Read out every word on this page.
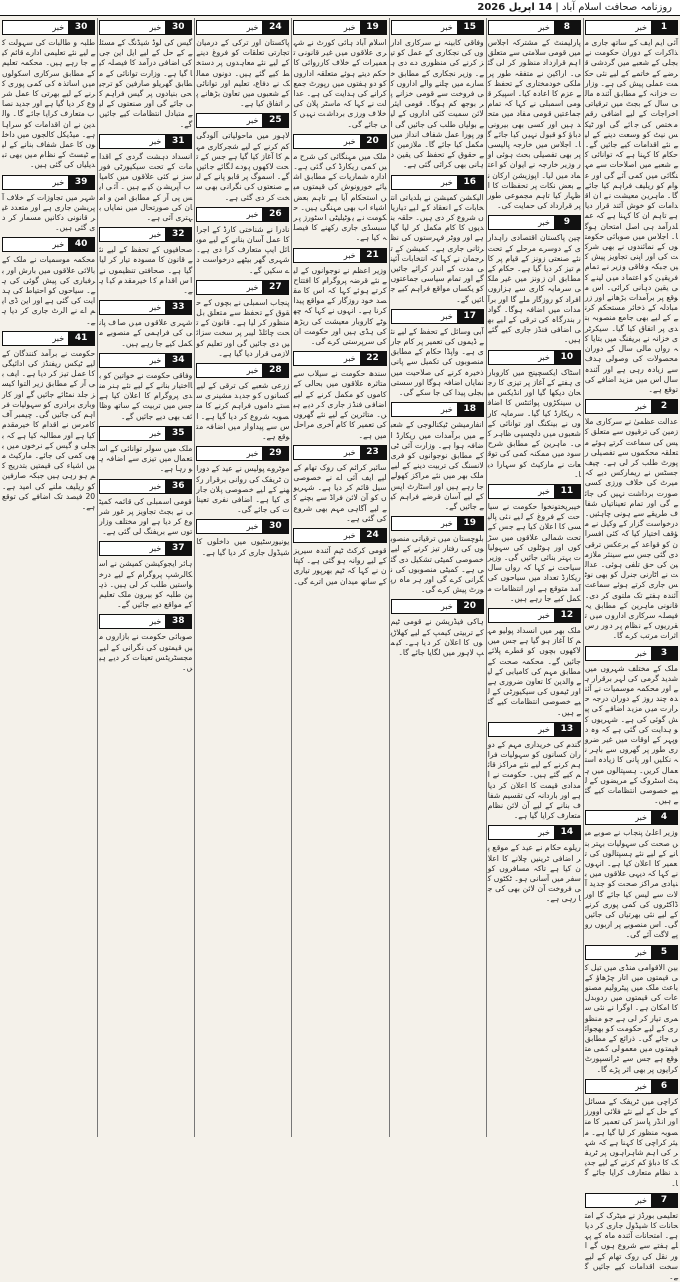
روزنامہ صحافت اسلام آباد | 14 اپریل 2026
1
خبر
آئی ایم ایف کے ساتھ جاری مذاکرات کے دوران حکومت نے بجلی کے شعبے میں گردشی قرضے کے خاتمے کے لیے نئی حکمت عملی پیش کی ہے۔ وزارت خزانہ کے مطابق آئندہ مالی سال کے بجٹ میں ترقیاتی اخراجات کے لیے اضافی رقم مختص کی جائے گی اور ٹیکس نیٹ کو وسعت دینے کے لیے نئے اقدامات کیے جائیں گے۔ حکام کا کہنا ہے کہ توانائی کے شعبے میں اصلاحات سے مہنگائی میں کمی آئے گی اور عوام کو ریلیف فراہم کیا جائے گا۔ ماہرین معیشت نے ان اقدامات کو خوش آئند قرار دیا ہے تاہم ان کا کہنا ہے کہ عملدرآمد ہی اصل امتحان ہوگا۔ اجلاس میں صوبائی حکومتوں کے نمائندوں نے بھی شرکت کی اور اپنی تجاویز پیش کیں جبکہ وفاقی وزیر نے تمام فریقین کو اعتماد میں لینے کی یقین دہانی کرائی۔ اس موقع پر برآمدات بڑھانے اور زرمبادلہ کے ذخائر مستحکم کرنے کے لیے بھی جامع منصوبہ بندی پر اتفاق کیا گیا۔ سیکرٹری خزانہ نے بریفنگ میں بتایا کہ رواں مالی سال کے دوران محصولات کی وصولی ہدف سے زیادہ رہی ہے اور آئندہ سال اس میں مزید اضافے کی توقع ہے۔
2
خبر
عدالت عظمیٰ نے سرکاری ملازمین کی ترقیوں سے متعلق کیس کی سماعت کرتے ہوئے متعلقہ محکموں سے تفصیلی رپورٹ طلب کر لی ہے۔ چیف جسٹس نے ریمارکس دیے کہ میرٹ کی خلاف ورزی کسی صورت برداشت نہیں کی جائے گی اور تمام تعیناتیاں شفاف طریقے سے ہونی چاہئیں۔ درخواست گزار کے وکیل نے مؤقف اختیار کیا کہ کئی افسران کو قواعد کے برعکس ترقی دی گئی جس سے سینئر ملازمین کی حق تلفی ہوئی۔ عدالت نے اٹارنی جنرل کو بھی نوٹس جاری کرتے ہوئے سماعت آئندہ ہفتے تک ملتوی کر دی۔ قانونی ماہرین کے مطابق یہ فیصلہ سرکاری اداروں میں تقرریوں کے نظام پر دور رس اثرات مرتب کرے گا۔
3
خبر
ملک کے مختلف شہروں میں شدید گرمی کی لہر برقرار ہے اور محکمہ موسمیات نے آئندہ چند روز کے دوران درجہ حرارت میں مزید اضافے کی پیش گوئی کی ہے۔ شہریوں کو ہدایت کی گئی ہے کہ وہ دوپہر کے اوقات میں غیر ضروری طور پر گھروں سے باہر نہ نکلیں اور پانی کا زیادہ استعمال کریں۔ ہسپتالوں میں ہیٹ اسٹروک کے مریضوں کے لیے خصوصی انتظامات کیے گئے ہیں۔
4
خبر
وزیر اعلیٰ پنجاب نے صوبے میں صحت کی سہولیات بہتر بنانے کے لیے نئے ہسپتالوں کی تعمیر کا اعلان کیا ہے۔ انہوں نے کہا کہ دیہی علاقوں میں بنیادی مراکز صحت کو جدید آلات سے لیس کیا جائے گا اور ڈاکٹروں کی کمی پوری کرنے کے لیے نئی بھرتیاں کی جائیں گی۔ اس منصوبے پر اربوں روپے لاگت آئے گی۔
5
خبر
بین الاقوامی منڈی میں تیل کی قیمتوں میں اتار چڑھاؤ کے باعث ملک میں پیٹرولیم مصنوعات کی قیمتوں میں ردوبدل کا امکان ہے۔ اوگرا نے نئی سمری تیار کر لی ہے جو منظوری کے لیے حکومت کو بھجوائی جائے گی۔ ذرائع کے مطابق قیمتوں میں معمولی کمی متوقع ہے جس سے ٹرانسپورٹ کرایوں پر بھی اثر پڑے گا۔
6
خبر
کراچی میں ٹریفک کے مسائل کے حل کے لیے نئے فلائی اوورز اور انڈر پاسز کی تعمیر کا منصوبہ منظور کر لیا گیا ہے۔ میئر کراچی کا کہنا ہے کہ شہر کی اہم شاہراہوں پر ٹریفک کا دباؤ کم کرنے کے لیے جدید نظام متعارف کرایا جائے گا۔
7
خبر
تعلیمی بورڈز نے میٹرک کے امتحانات کا شیڈول جاری کر دیا ہے۔ امتحانات آئندہ ماہ کے پہلے ہفتے سے شروع ہوں گے اور نقل کی روک تھام کے لیے سخت اقدامات کیے جائیں گے۔
8
خبر
پارلیمنٹ کے مشترکہ اجلاس میں قومی سلامتی سے متعلق اہم قرارداد منظور کر لی گئی۔ اراکین نے متفقہ طور پر ملکی خودمختاری کے تحفظ کے عزم کا اعادہ کیا۔ اسپیکر قومی اسمبلی نے کہا کہ تمام جماعتیں قومی مفاد میں متحد ہیں اور کسی بھی بیرونی دباؤ کو قبول نہیں کیا جائے گا۔ اجلاس میں خارجہ پالیسی پر بھی تفصیلی بحث ہوئی اور وزیر خارجہ نے ایوان کو اعتماد میں لیا۔ اپوزیشن ارکان نے بعض نکات پر تحفظات کا اظہار کیا تاہم مجموعی طور پر قرارداد کی حمایت کی۔
9
خبر
چین پاکستان اقتصادی راہداری کے دوسرے مرحلے کے تحت نئے صنعتی زونز کے قیام پر کام تیز کر دیا گیا ہے۔ حکام کے مطابق ان زونز میں غیر ملکی سرمایہ کاری سے ہزاروں افراد کو روزگار ملے گا اور برآمدات میں اضافہ ہوگا۔ گوادر بندرگاہ کی ترقی کے لیے بھی اضافی فنڈز جاری کیے گئے ہیں۔
10
خبر
اسٹاک ایکسچینج میں کاروباری ہفتے کے آغاز پر تیزی کا رجحان دیکھا گیا اور انڈیکس میں سینکڑوں پوائنٹس کا اضافہ ریکارڈ کیا گیا۔ سرمایہ کاروں نے بینکنگ اور توانائی کے شعبوں میں دلچسپی ظاہر کی۔ ماہرین کے مطابق شرح سود میں ممکنہ کمی کی توقعات نے مارکیٹ کو سہارا دیا۔
11
خبر
خیبرپختونخوا حکومت نے سیاحت کے فروغ کے لیے نئی پالیسی کا اعلان کیا ہے جس کے تحت شمالی علاقوں میں سڑکوں اور ہوٹلوں کی سہولیات بہتر بنائی جائیں گی۔ وزیر سیاحت نے کہا کہ رواں سال ریکارڈ تعداد میں سیاحوں کی آمد متوقع ہے اور انتظامات مکمل کیے جا رہے ہیں۔
12
خبر
ملک بھر میں انسداد پولیو مہم کا آغاز ہو گیا ہے جس میں لاکھوں بچوں کو قطرے پلائے جائیں گے۔ محکمہ صحت کے مطابق مہم کی کامیابی کے لیے والدین کا تعاون ضروری ہے اور ٹیموں کی سیکیورٹی کے لیے خصوصی انتظامات کیے گئے ہیں۔
13
خبر
گندم کی خریداری مہم کے دوران کسانوں کو سہولیات فراہم کرنے کے لیے نئے مراکز قائم کیے گئے ہیں۔ حکومت نے امدادی قیمت کا اعلان کر دیا ہے اور باردانہ کی تقسیم شفاف بنانے کے لیے آن لائن نظام متعارف کرایا گیا ہے۔
14
خبر
ریلوے حکام نے عید کے موقع پر اضافی ٹرینیں چلانے کا اعلان کیا ہے تاکہ مسافروں کو سفر میں آسانی ہو۔ ٹکٹوں کی فروخت آن لائن بھی کی جا رہی ہے۔
15
خبر
وفاقی کابینہ نے سرکاری اداروں کی نجکاری کے عمل کو تیز کرنے کی منظوری دے دی ہے۔ وزیر نجکاری کے مطابق خسارے میں چلنے والے اداروں کی فروخت سے قومی خزانے پر بوجھ کم ہوگا۔ قومی ایئر لائن سمیت کئی اداروں کے لیے بولیاں طلب کی جائیں گی اور پورا عمل شفاف انداز میں مکمل کیا جائے گا۔ ملازمین کے حقوق کے تحفظ کی یقین دہانی بھی کرائی گئی ہے۔
16
خبر
الیکشن کمیشن نے بلدیاتی انتخابات کے انعقاد کے لیے تیاریاں شروع کر دی ہیں۔ حلقہ بندیوں کا کام مکمل کر لیا گیا ہے اور ووٹر فہرستوں کی نظرثانی جاری ہے۔ کمیشن کے ترجمان نے کہا کہ انتخابات آئینی مدت کے اندر کرائے جائیں گے اور تمام سیاسی جماعتوں کو یکساں مواقع فراہم کیے جائیں گے۔
17
خبر
آبی وسائل کے تحفظ کے لیے نئے ڈیموں کی تعمیر پر کام جاری ہے۔ واپڈا حکام کے مطابق منصوبوں کی تکمیل سے پانی ذخیرہ کرنے کی صلاحیت میں نمایاں اضافہ ہوگا اور سستی بجلی پیدا کی جا سکے گی۔
18
خبر
انفارمیشن ٹیکنالوجی کے شعبے میں برآمدات میں ریکارڈ اضافہ ہوا ہے۔ وزارت آئی ٹی کے مطابق نوجوانوں کو فری لانسنگ کی تربیت دینے کے لیے ملک بھر میں نئے مراکز کھولے جا رہے ہیں اور اسٹارٹ اپس کے لیے آسان قرضے فراہم کیے جائیں گے۔
19
خبر
بلوچستان میں ترقیاتی منصوبوں کی رفتار تیز کرنے کے لیے خصوصی کمیٹی تشکیل دی گئی ہے۔ کمیٹی منصوبوں کی نگرانی کرے گی اور ہر ماہ رپورٹ پیش کرے گی۔
20
خبر
ہاکی فیڈریشن نے قومی ٹیم کے تربیتی کیمپ کے لیے کھلاڑیوں کا اعلان کر دیا ہے۔ کیمپ لاہور میں لگایا جائے گا۔
19
خبر
اسلام آباد ہائی کورٹ نے شہری علاقوں میں غیر قانونی تعمیرات کے خلاف کارروائی کا حکم دیتے ہوئے متعلقہ اداروں کو دو ہفتوں میں رپورٹ جمع کرانے کی ہدایت کی ہے۔ عدالت نے کہا کہ ماسٹر پلان کی خلاف ورزی برداشت نہیں کی جائے گی۔
20
خبر
ملک میں مہنگائی کی شرح میں کمی ریکارڈ کی گئی ہے۔ ادارہ شماریات کے مطابق اشیائے خورونوش کی قیمتوں میں استحکام آیا ہے تاہم بعض اشیاء اب بھی مہنگی ہیں۔ حکومت نے یوٹیلیٹی اسٹورز پر سبسڈی جاری رکھنے کا فیصلہ کیا ہے۔
21
خبر
وزیر اعظم نے نوجوانوں کے لیے نئے قرضہ پروگرام کا افتتاح کرتے ہوئے کہا کہ اس کا مقصد خود روزگار کے مواقع پیدا کرنا ہے۔ انہوں نے کہا کہ چھوٹے کاروبار معیشت کی ریڑھ کی ہڈی ہیں اور حکومت ان کی سرپرستی کرے گی۔
22
خبر
سندھ حکومت نے سیلاب سے متاثرہ علاقوں میں بحالی کے کاموں کو مکمل کرنے کے لیے اضافی فنڈز جاری کر دیے ہیں۔ متاثرین کے لیے نئے گھروں کی تعمیر کا کام آخری مراحل میں ہے۔
23
خبر
سائبر کرائم کی روک تھام کے لیے ایف آئی اے نے خصوصی سیل قائم کر دیا ہے۔ شہریوں کو آن لائن فراڈ سے بچنے کے لیے آگاہی مہم بھی شروع کی گئی ہے۔
24
خبر
قومی کرکٹ ٹیم آئندہ سیریز کے لیے روانہ ہو گئی ہے۔ کپتان نے کہا کہ ٹیم بھرپور تیاری کے ساتھ میدان میں اترے گی۔
24
خبر
پاکستان اور ترکی کے درمیان تجارتی تعلقات کو فروغ دینے کے لیے نئے معاہدوں پر دستخط کیے گئے ہیں۔ دونوں ممالک نے دفاع، تعلیم اور توانائی کے شعبوں میں تعاون بڑھانے پر اتفاق کیا ہے۔
25
خبر
لاہور میں ماحولیاتی آلودگی کم کرنے کے لیے شجرکاری مہم کا آغاز کیا گیا ہے جس کے تحت لاکھوں پودے لگائے جائیں گے۔ اسموگ پر قابو پانے کے لیے صنعتوں کی نگرانی بھی سخت کر دی گئی ہے۔
26
خبر
نادرا نے شناختی کارڈ کے اجرا کا عمل آسان بنانے کے لیے موبائل ایپ متعارف کرا دی ہے۔ شہری گھر بیٹھے درخواست دے سکیں گے۔
27
خبر
پنجاب اسمبلی نے بچوں کے حقوق کے تحفظ سے متعلق بل منظور کر لیا ہے۔ قانون کے تحت چائلڈ لیبر پر سخت سزائیں دی جائیں گی اور تعلیم کو لازمی قرار دیا گیا ہے۔
28
خبر
زرعی شعبے کی ترقی کے لیے کسانوں کو جدید مشینری سستے داموں فراہم کرنے کا منصوبہ شروع کر دیا گیا ہے۔ اس سے پیداوار میں اضافہ متوقع ہے۔
29
خبر
موٹروے پولیس نے عید کے دوران ٹریفک کی روانی برقرار رکھنے کے لیے خصوصی پلان جاری کیا ہے۔ اضافی نفری تعینات کی جائے گی۔
30
خبر
یونیورسٹیوں میں داخلوں کا شیڈول جاری کر دیا گیا ہے۔
30
خبر
گیس کی لوڈ شیڈنگ کے مسئلے کے حل کے لیے ایل این جی کی اضافی درآمد کا فیصلہ کیا گیا ہے۔ وزارت توانائی کے مطابق گھریلو صارفین کو ترجیحی بنیادوں پر گیس فراہم کی جائے گی اور صنعتوں کے لیے متبادل انتظامات کیے جائیں گے۔
31
خبر
انسداد دہشت گردی کے اقدامات کے تحت سیکیورٹی فورسز نے کئی علاقوں میں کامیاب آپریشن کیے ہیں۔ آئی ایس پی آر کے مطابق امن و امان کی صورتحال میں نمایاں بہتری آئی ہے۔
32
خبر
صحافیوں کے تحفظ کے لیے نئے قانون کا مسودہ تیار کر لیا گیا ہے۔ صحافتی تنظیموں نے اس اقدام کا خیرمقدم کیا ہے۔
33
خبر
شہری علاقوں میں صاف پانی کی فراہمی کے منصوبے مکمل کیے جا رہے ہیں۔
34
خبر
وفاقی حکومت نے خواتین کو بااختیار بنانے کے لیے نئے ہنر مندی پروگرام کا اعلان کیا ہے جس میں تربیت کے ساتھ وظائف بھی دیے جائیں گے۔
35
خبر
ملک میں سولر توانائی کے استعمال میں تیزی سے اضافہ ہو رہا ہے۔
36
خبر
قومی اسمبلی کی قائمہ کمیٹی نے بجٹ تجاویز پر غور شروع کر دیا ہے اور مختلف وزارتوں سے بریفنگ لی گئی ہے۔
37
خبر
ہائر ایجوکیشن کمیشن نے اسکالرشپ پروگرام کے لیے درخواستیں طلب کر لی ہیں۔ ذہین طلبہ کو بیرون ملک تعلیم کے مواقع دیے جائیں گے۔
38
خبر
صوبائی حکومت نے بازاروں میں قیمتوں کی نگرانی کے لیے مجسٹریٹس تعینات کر دیے ہیں۔
30
خبر
طلبہ و طالبات کی سہولت کے لیے نئے تعلیمی ادارے قائم کیے جا رہے ہیں۔ محکمہ تعلیم کے مطابق سرکاری اسکولوں میں اساتذہ کی کمی پوری کرنے کے لیے بھرتی کا عمل شروع کر دیا گیا ہے اور جدید نصاب متعارف کرایا جائے گا۔ والدین نے ان اقدامات کو سراہا ہے۔ میڈیکل کالجوں میں داخلوں کا عمل شفاف بنانے کے لیے ٹیسٹ کے نظام میں بھی تبدیلیاں کی گئی ہیں۔
39
خبر
شہر میں تجاوزات کے خلاف آپریشن جاری ہے اور متعدد غیر قانونی دکانیں مسمار کر دی گئی ہیں۔
40
خبر
محکمہ موسمیات نے ملک کے بالائی علاقوں میں بارش اور برفباری کی پیش گوئی کی ہے۔ سیاحوں کو احتیاط کی ہدایت کی گئی ہے اور این ڈی ایم اے نے الرٹ جاری کر دیا ہے۔
41
خبر
حکومت نے برآمد کنندگان کے لیے ٹیکس ریفنڈز کی ادائیگی کا عمل تیز کر دیا ہے۔ ایف بی آر کے مطابق زیر التوا کیسز جلد نمٹائے جائیں گے اور کاروباری برادری کو سہولیات فراہم کی جائیں گی۔ چیمبر آف کامرس نے اقدام کا خیرمقدم کیا ہے اور مطالبہ کیا ہے کہ بجلی و گیس کے نرخوں میں بھی کمی کی جائے۔ مارکیٹ میں اشیاء کی قیمتیں بتدریج کم ہو رہی ہیں جبکہ صارفین کو ریلیف ملنے کی امید ہے۔ 20 فیصد تک اضافے کی توقع ہے۔
